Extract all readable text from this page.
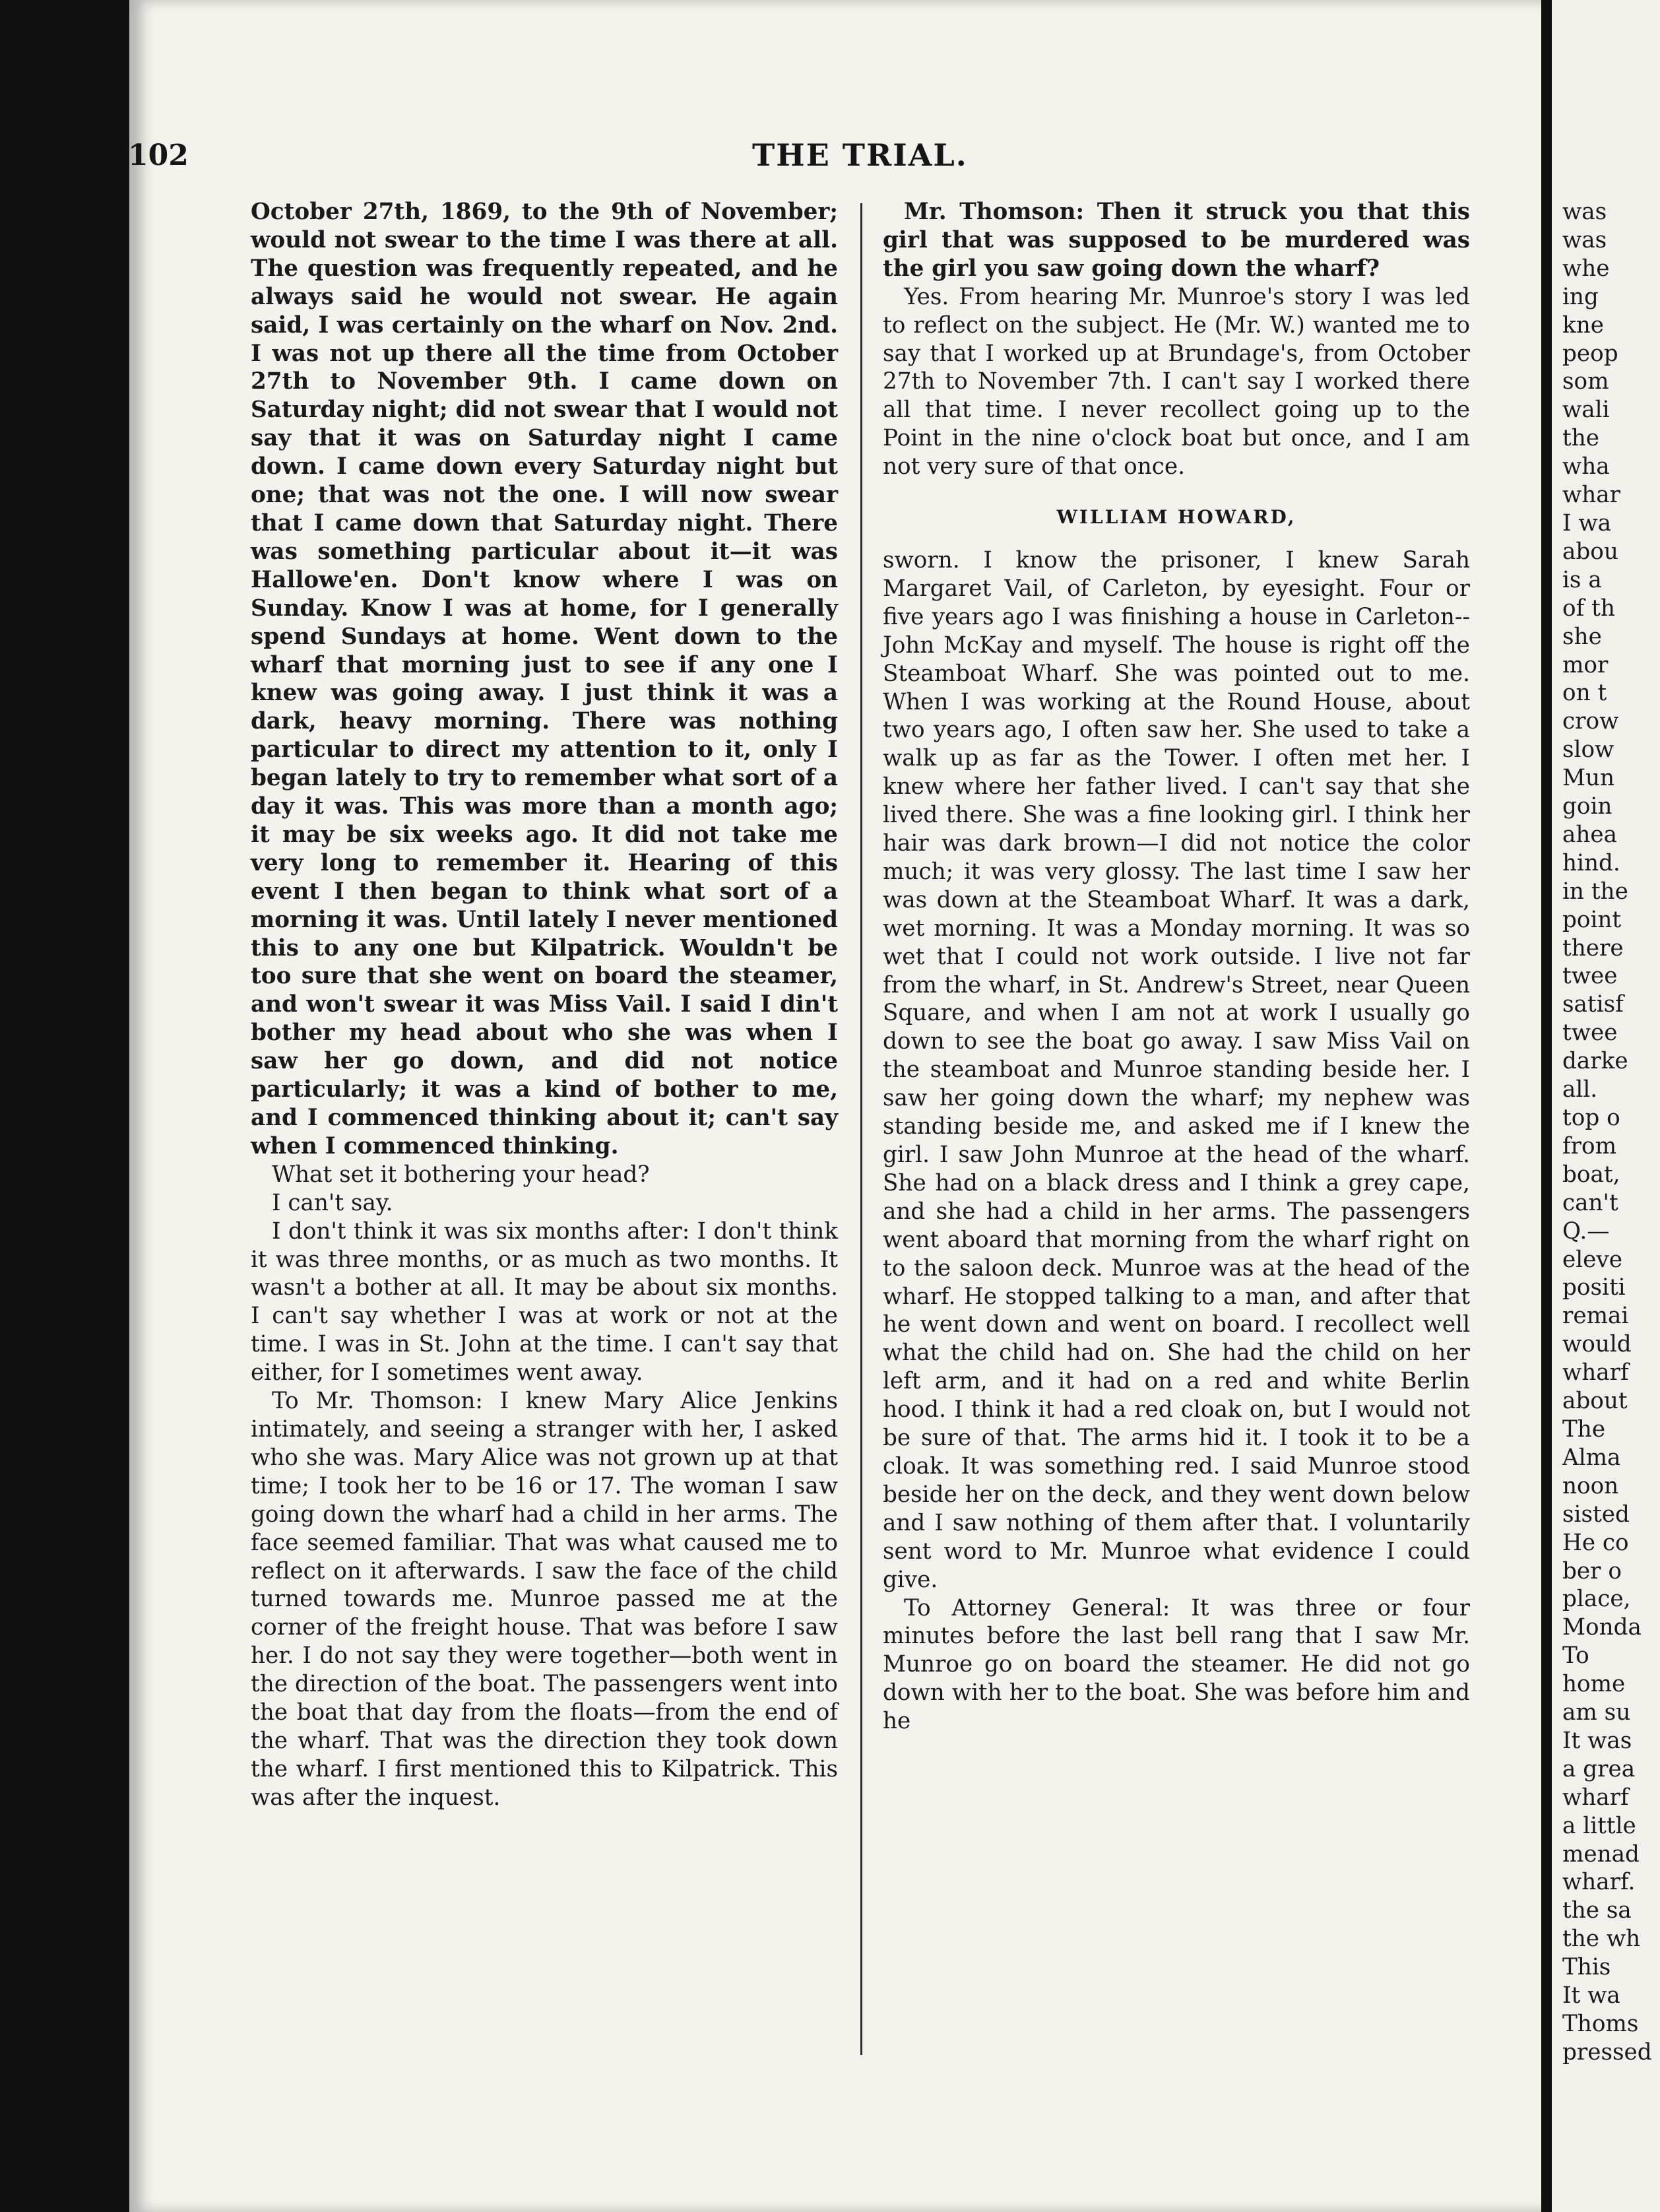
102	THE TRIAL.

October 27th, 1869, to the 9th of November; would not swear to the time I was there at all. The question was frequently repeated, and he always said he would not swear. He again said, I was certainly on the wharf on Nov. 2nd. I was not up there all the time from October 27th to November 9th. I came down on Saturday night; did not swear that I would not say that it was on Saturday night I came down. I came down every Saturday night but one; that was not the one. I will now swear that I came down that Saturday night. There was something particular about it—it was Hallowe'en. Don't know where I was on Sunday. Know I was at home, for I generally spend Sundays at home. Went down to the wharf that morning just to see if any one I knew was going away. I just think it was a dark, heavy morning. There was nothing particular to direct my attention to it, only I began lately to try to remember what sort of a day it was. This was more than a month ago; it may be six weeks ago. It did not take me very long to remember it. Hearing of this event I then began to think what sort of a morning it was. Until lately I never mentioned this to any one but Kilpatrick. Wouldn't be too sure that she went on board the steamer, and won't swear it was Miss Vail. I said I din't bother my head about who she was when I saw her go down, and did not notice particularly; it was a kind of bother to me, and I commenced thinking about it; can't say when I commenced thinking.

What set it bothering your head?

I can't say.

I don't think it was six months after: I don't think it was three months, or as much as two months. It wasn't a bother at all. It may be about six months. I can't say whether I was at work or not at the time. I was in St. John at the time. I can't say that either, for I sometimes went away.

To Mr. Thomson: I knew Mary Alice Jenkins intimately, and seeing a stranger with her, I asked who she was. Mary Alice was not grown up at that time; I took her to be 16 or 17. The woman I saw going down the wharf had a child in her arms. The face seemed familiar. That was what caused me to reflect on it afterwards. I saw the face of the child turned towards me. Munroe passed me at the corner of the freight house. That was before I saw her. I do not say they were together—both went in the direction of the boat. The passengers went into the boat that day from the floats—from the end of the wharf. That was the direction they took down the wharf. I first mentioned this to Kilpatrick. This was after the inquest.

Mr. Thomson: Then it struck you that this girl that was supposed to be murdered was the girl you saw going down the wharf?

Yes. From hearing Mr. Munroe's story I was led to reflect on the subject. He (Mr. W.) wanted me to say that I worked up at Brundage's, from October 27th to November 7th. I can't say I worked there all that time. I never recollect going up to the Point in the nine o'clock boat but once, and I am not very sure of that once.

WILLIAM HOWARD,

sworn. I know the prisoner, I knew Sarah Margaret Vail, of Carleton, by eyesight. Four or five years ago I was finishing a house in Carleton--John McKay and myself. The house is right off the Steamboat Wharf. She was pointed out to me. When I was working at the Round House, about two years ago, I often saw her. She used to take a walk up as far as the Tower. I often met her. I knew where her father lived. I can't say that she lived there. She was a fine looking girl. I think her hair was dark brown—I did not notice the color much; it was very glossy. The last time I saw her was down at the Steamboat Wharf. It was a dark, wet morning. It was a Monday morning. It was so wet that I could not work outside. I live not far from the wharf, in St. Andrew's Street, near Queen Square, and when I am not at work I usually go down to see the boat go away. I saw Miss Vail on the steamboat and Munroe standing beside her. I saw her going down the wharf; my nephew was standing beside me, and asked me if I knew the girl. I saw John Munroe at the head of the wharf. She had on a black dress and I think a grey cape, and she had a child in her arms. The passengers went aboard that morning from the wharf right on to the saloon deck. Munroe was at the head of the wharf. He stopped talking to a man, and after that he went down and went on board. I recollect well what the child had on. She had the child on her left arm, and it had on a red and white Berlin hood. I think it had a red cloak on, but I would not be sure of that. The arms hid it. I took it to be a cloak. It was something red. I said Munroe stood beside her on the deck, and they went down below and I saw nothing of them after that. I voluntarily sent word to Mr. Munroe what evidence I could give.

To Attorney General: It was three or four minutes before the last bell rang that I saw Mr. Munroe go on board the steamer. He did not go down with her to the boat. She was before him and he

was
was
whe
ing
kne
peop
som
wali
the
wha
whar
I wa
abou
is a
of th
she
mor
on t
crow
slow
Mun
goin
ahea
hind.
in the
point
there
twee
satisf
twee
darke
all.
top o
from
boat,
can't
Q.—
eleve
positi
remai
would
wharf
about
The
Alma
noon
sisted
He co
ber o
place,
Monda
To
home
am su
It was
a grea
wharf
a little
menad
wharf.
the sa
the wh
This
It wa
Thoms
pressed
